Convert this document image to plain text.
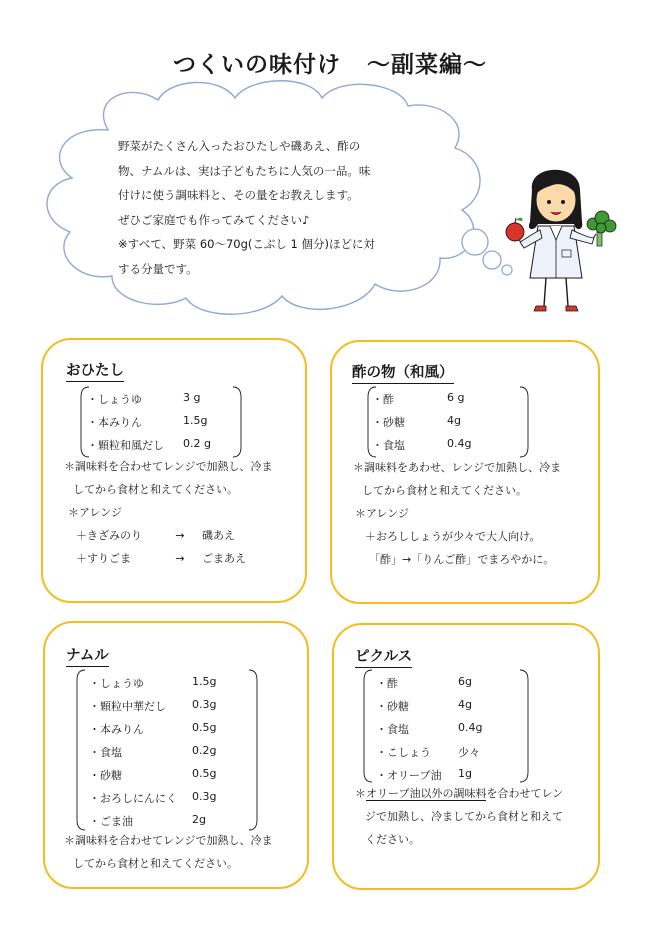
つくいの味付け ～副菜編～
野菜がたくさん入ったおひたしや磯あえ、酢の
物、ナムルは、実は子どもたちに人気の一品。味
付けに使う調味料と、その量をお教えします。
ぜひご家庭でも作ってみてください♪
※すべて、野菜 60～70g(こぶし 1 個分)ほどに対
する分量です。
おひたし
・しょうゆ	3 g
・本みりん	1.5g
・顆粒和風だし 0.2 g
＊調味料を合わせてレンジで加熱し、冷ま
してから食材と和えてください。
＊アレンジ
＋きざみのり	→ 磯あえ
＋すりごま	→ ごまあえ
酢の物（和風）
・酢	6 g
・砂糖	4g
・食塩	0.4g
＊調味料をあわせ、レンジで加熱し、冷ま
してから食材と和えてください。
＊アレンジ
＋おろししょうが少々で大人向け。
「酢」→「りんご酢」でまろやかに。
ナムル
・しょうゆ	1.5g
・顆粒中華だし 0.3g
・本みりん	0.5g
・食塩	0.2g
・砂糖	0.5g
・おろしにんにく 0.3g
・ごま油	2g
＊調味料を合わせてレンジで加熱し、冷ま
してから食材と和えてください。
ピクルス
・酢	6g
・砂糖	4g
・食塩	0.4g
・こしょう 少々
・オリーブ油 1g
＊オリーブ油以外の調味料を合わせてレン
ジで加熱し、冷ましてから食材と和えて
ください。
